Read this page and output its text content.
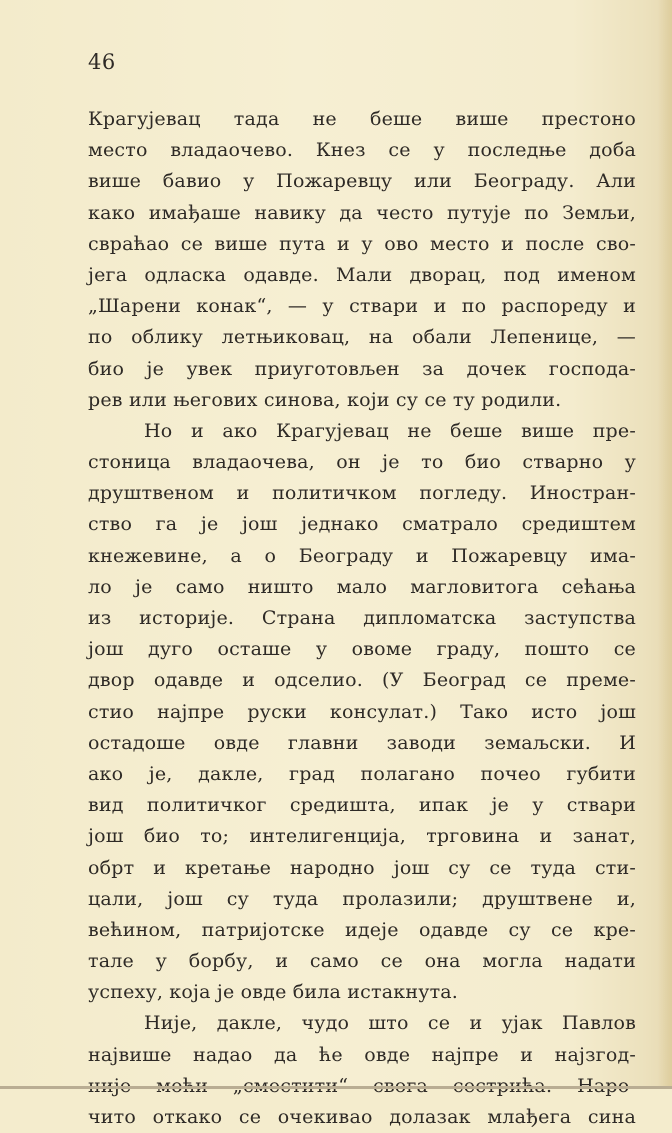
46
Крагујевац тада не беше више престоно
место владаочево. Кнез се у последње доба
више бавио у Пожаревцу или Београду. Али
како имађаше навику да често путује по Земљи,
свраћао се више пута и у ово место и после сво-
јега одласка одавде. Мали дворац, под именом
„Шарени конак“, — у ствари и по распореду и
по облику летњиковац, на обали Лепенице, —
био је увек приуготовљен за дочек господа-
рев или његових синова, који су се ту родили.
Но и ако Крагујевац не беше више пре-
стоница владаочева, он је то био стварно у
друштвеном и политичком погледу. Иностран-
ство га је још једнако сматрало средиштем
кнежевине, а о Београду и Пожаревцу има-
ло је само ништо мало магловитога сећања
из историје. Страна дипломатска заступства
још дуго осташе у овоме граду, пошто се
двор одавде и одселио. (У Београд се преме-
стио најпре руски консулат.) Тако исто још
остадоше овде главни заводи земаљски. И
ако је, дакле, град полагано почео губити
вид политичког средишта, ипак је у ствари
још био то; интелигенција, трговина и занат,
обрт и кретање народно још су се туда сти-
цали, још су туда пролазили; друштвене и,
већином, патријотске идеје одавде су се кре-
тале у борбу, и само се она могла надати
успеху, која је овде била истакнута.
Није, дакле, чудо што се и ујак Павлов
највише надао да ће овде најпре и најзгод-
чито откако се очекивао долазак млађега сина
